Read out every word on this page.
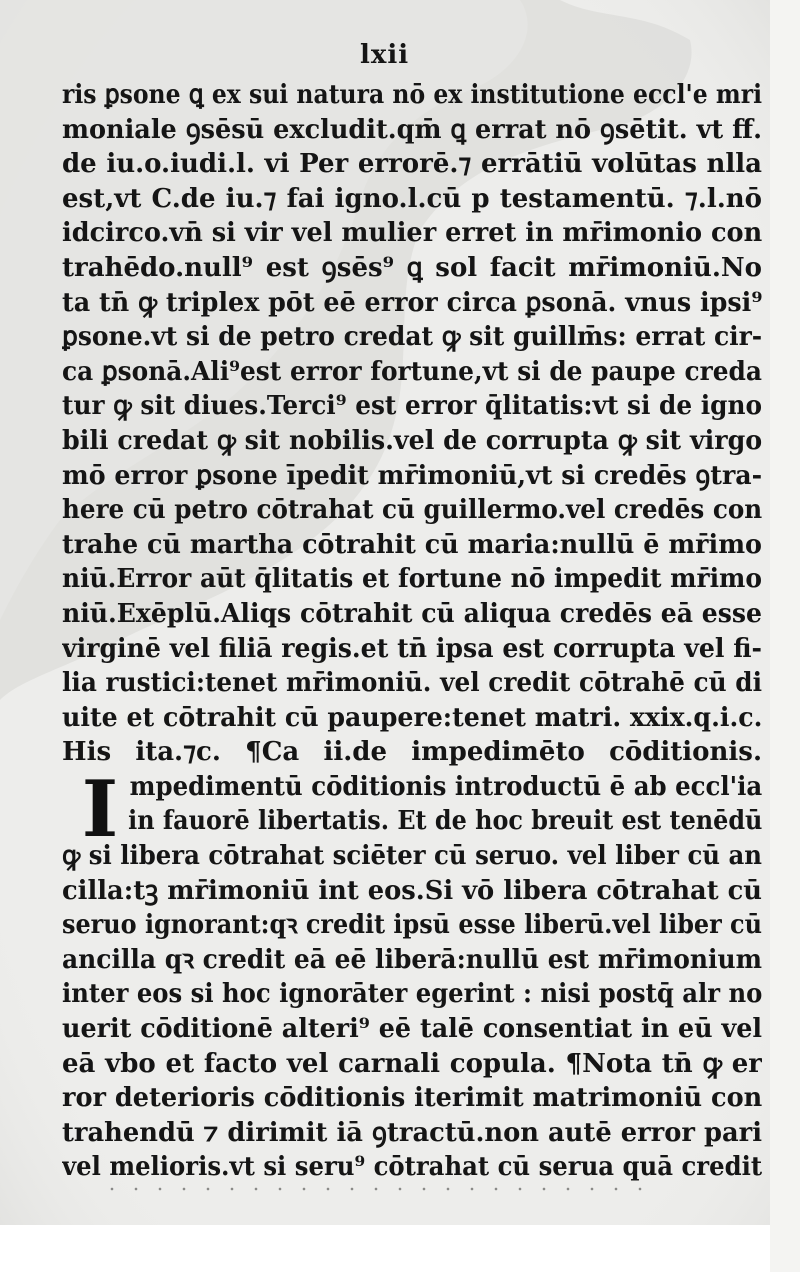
lxii
ris ꝑsone ꝗ ex sui natura nō ex institutione eccl'e mri
moniale ꝯsēsū excludit.qm̄ ꝗ errat nō ꝯsētit. vt ff.
de iu.o.iudi.l. vi Per errorē.⁊ errātiū volūtas nlla
est,vt C.de iu.⁊ fai igno.l.cū p testamentū. ⁊.l.nō
idcirco.vn̄ si vir vel mulier erret in mr̄imonio con
trahēdo.null⁹ est ꝯsēs⁹ ꝗ sol facit mr̄imoniū.No
ta tn̄ ꝙ triplex pōt eē error circa ꝑsonā. vnus ipsi⁹
ꝑsone.vt si de petro credat ꝙ sit guillm̄s: errat cir-
ca ꝑsonā.Ali⁹est error fortune,vt si de paupe creda
tur ꝙ sit diues.Terci⁹ est error q̄litatis:vt si de igno
bili credat ꝙ sit nobilis.vel de corrupta ꝙ sit virgo
mō error ꝑsone īpedit mr̄imoniū,vt si credēs ꝯtra-
here cū petro cōtrahat cū guillermo.vel credēs con
trahe cū martha cōtrahit cū maria:nullū ē mr̄imo
niū.Error aūt q̄litatis et fortune nō impedit mr̄imo
niū.Exēplū.Aliqs cōtrahit cū aliqua credēs eā esse
virginē vel filiā regis.et tn̄ ipsa est corrupta vel fi-
lia rustici:tenet mr̄imoniū. vel credit cōtrahē cū di
uite et cōtrahit cū paupere:tenet matri. xxix.q.i.c.
His ita.⁊c. ¶Ca ii.de impedimēto cōditionis.
mpedimentū cōditionis introductū ē ab eccl'ia
in fauorē libertatis. Et de hoc breuit est tenēdū
ꝙ si libera cōtrahat sciēter cū seruo. vel liber cū an
cilla:tꝫ mr̄imoniū int eos.Si vō libera cōtrahat cū
seruo ignorant:qꝛ credit ipsū esse liberū.vel liber cū
ancilla qꝛ credit eā eē liberā:nullū est mr̄imonium
inter eos si hoc ignorāter egerint : nisi postq̄ alr no
uerit cōditionē alteri⁹ eē talē consentiat in eū vel
eā vbo et facto vel carnali copula. ¶Nota tn̄ ꝙ er
ror deterioris cōditionis iterimit matrimoniū con
trahendū ⁊ dirimit iā ꝯtractū.non autē error pari
vel melioris.vt si seru⁹ cōtrahat cū serua quā credit
I
